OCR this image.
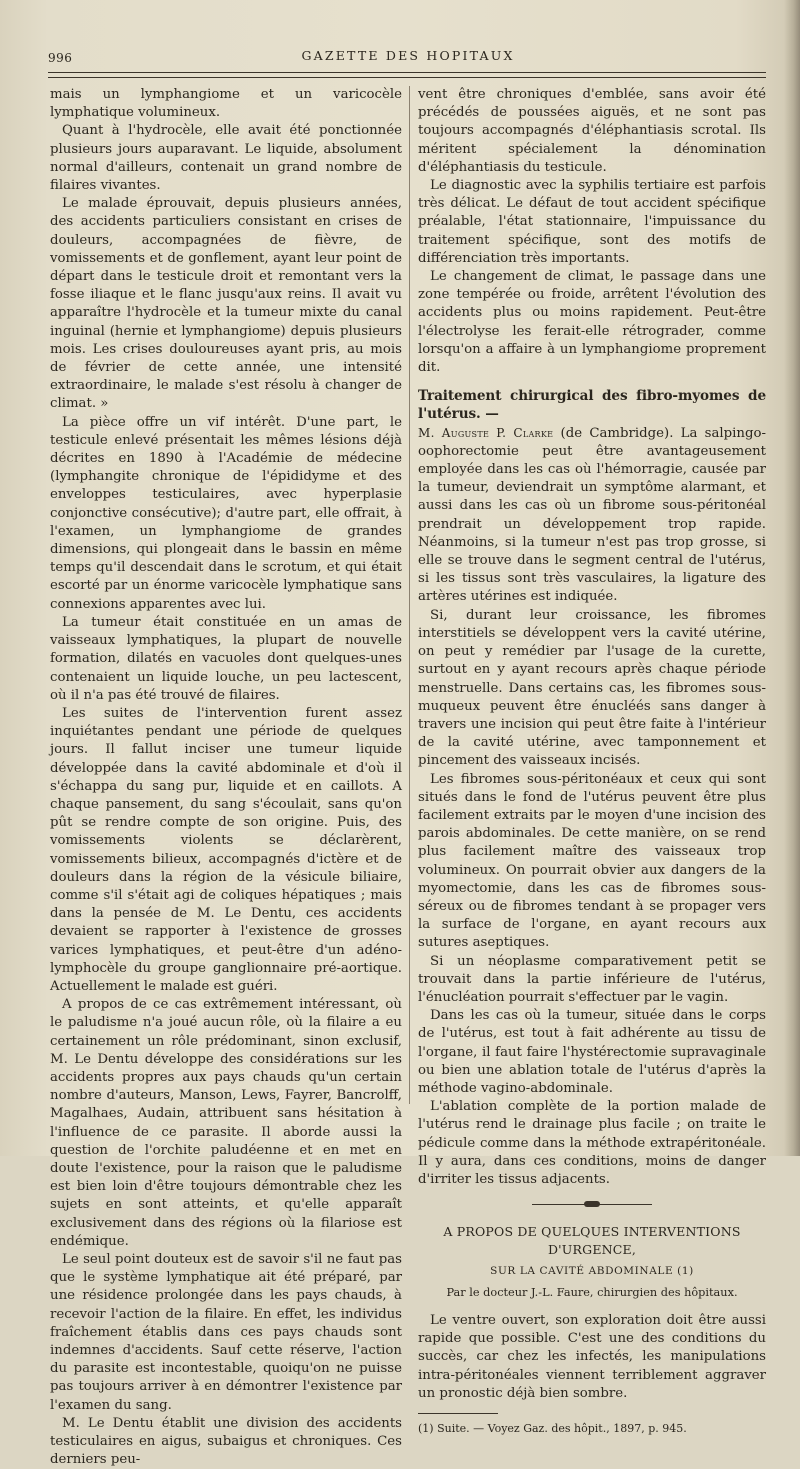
996	GAZETTE DES HOPITAUX

mais un lymphangiome et un varicocèle lymphatique volumineux.

Quant à l'hydrocèle, elle avait été ponctionnée plusieurs jours auparavant. Le liquide, absolument normal d'ailleurs, contenait un grand nombre de filaires vivantes.

Le malade éprouvait, depuis plusieurs années, des accidents particuliers consistant en crises de douleurs, accompagnées de fièvre, de vomissements et de gonflement, ayant leur point de départ dans le testicule droit et remontant vers la fosse iliaque et le flanc jusqu'aux reins. Il avait vu apparaître l'hydrocèle et la tumeur mixte du canal inguinal (hernie et lymphangiome) depuis plusieurs mois. Les crises douloureuses ayant pris, au mois de février de cette année, une intensité extraordinaire, le malade s'est résolu à changer de climat. »

La pièce offre un vif intérêt. D'une part, le testicule enlevé présentait les mêmes lésions déjà décrites en 1890 à l'Académie de médecine (lymphangite chronique de l'épididyme et des enveloppes testiculaires, avec hyperplasie conjonctive consécutive); d'autre part, elle offrait, à l'examen, un lymphangiome de grandes dimensions, qui plongeait dans le bassin en même temps qu'il descendait dans le scrotum, et qui était escorté par un énorme varicocèle lymphatique sans connexions apparentes avec lui.

La tumeur était constituée en un amas de vaisseaux lymphatiques, la plupart de nouvelle formation, dilatés en vacuoles dont quelques-unes contenaient un liquide louche, un peu lactescent, où il n'a pas été trouvé de filaires.

Les suites de l'intervention furent assez inquiétantes pendant une période de quelques jours. Il fallut inciser une tumeur liquide développée dans la cavité abdominale et d'où il s'échappa du sang pur, liquide et en caillots. A chaque pansement, du sang s'écoulait, sans qu'on pût se rendre compte de son origine. Puis, des vomissements violents se déclarèrent, vomissements bilieux, accompagnés d'ictère et de douleurs dans la région de la vésicule biliaire, comme s'il s'était agi de coliques hépatiques ; mais dans la pensée de M. Le Dentu, ces accidents devaient se rapporter à l'existence de grosses varices lymphatiques, et peut-être d'un adéno-lymphocèle du groupe ganglionnaire pré-aortique. Actuellement le malade est guéri.

A propos de ce cas extrêmement intéressant, où le paludisme n'a joué aucun rôle, où la filaire a eu certainement un rôle prédominant, sinon exclusif, M. Le Dentu développe des considérations sur les accidents propres aux pays chauds qu'un certain nombre d'auteurs, Manson, Lews, Fayrer, Bancrolff, Magalhaes, Audain, attribuent sans hésitation à l'influence de ce parasite. Il aborde aussi la question de l'orchite paludéenne et en met en doute l'existence, pour la raison que le paludisme est bien loin d'être toujours démontrable chez les sujets en sont atteints, et qu'elle apparaît exclusivement dans des régions où la filariose est endémique.

Le seul point douteux est de savoir s'il ne faut pas que le système lymphatique ait été préparé, par une résidence prolongée dans les pays chauds, à recevoir l'action de la filaire. En effet, les individus fraîchement établis dans ces pays chauds sont indemnes d'accidents. Sauf cette réserve, l'action du parasite est incontestable, quoiqu'on ne puisse pas toujours arriver à en démontrer l'existence par l'examen du sang.

M. Le Dentu établit une division des accidents testiculaires en aigus, subaigus et chroniques. Ces derniers peu-

vent être chroniques d'emblée, sans avoir été précédés de poussées aiguës, et ne sont pas toujours accompagnés d'éléphantiasis scrotal. Ils méritent spécialement la dénomination d'éléphantiasis du testicule.

Le diagnostic avec la syphilis tertiaire est parfois très délicat. Le défaut de tout accident spécifique préalable, l'état stationnaire, l'impuissance du traitement spécifique, sont des motifs de différenciation très importants.

Le changement de climat, le passage dans une zone tempérée ou froide, arrêtent l'évolution des accidents plus ou moins rapidement. Peut-être l'électrolyse les ferait-elle rétrograder, comme lorsqu'on a affaire à un lymphangiome proprement dit.

Traitement chirurgical des fibro-myomes de l'utérus. —

M. Auguste P. Clarke (de Cambridge). La salpingo-oophorectomie peut être avantageusement employée dans les cas où l'hémorragie, causée par la tumeur, deviendrait un symptôme alarmant, et aussi dans les cas où un fibrome sous-péritonéal prendrait un développement trop rapide. Néanmoins, si la tumeur n'est pas trop grosse, si elle se trouve dans le segment central de l'utérus, si les tissus sont très vasculaires, la ligature des artères utérines est indiquée.

Si, durant leur croissance, les fibromes interstitiels se développent vers la cavité utérine, on peut y remédier par l'usage de la curette, surtout en y ayant recours après chaque période menstruelle. Dans certains cas, les fibromes sous-muqueux peuvent être énucléés sans danger à travers une incision qui peut être faite à l'intérieur de la cavité utérine, avec tamponnement et pincement des vaisseaux incisés.

Les fibromes sous-péritonéaux et ceux qui sont situés dans le fond de l'utérus peuvent être plus facilement extraits par le moyen d'une incision des parois abdominales. De cette manière, on se rend plus facilement maître des vaisseaux trop volumineux. On pourrait obvier aux dangers de la myomectomie, dans les cas de fibromes sous-séreux ou de fibromes tendant à se propager vers la surface de l'organe, en ayant recours aux sutures aseptiques.

Si un néoplasme comparativement petit se trouvait dans la partie inférieure de l'utérus, l'énucléation pourrait s'effectuer par le vagin.

Dans les cas où la tumeur, située dans le corps de l'utérus, est tout à fait adhérente au tissu de l'organe, il faut faire l'hystérectomie supravaginale ou bien une ablation totale de l'utérus d'après la méthode vagino-abdominale.

L'ablation complète de la portion malade de l'utérus rend le drainage plus facile ; on traite le pédicule comme dans la méthode extrapéritonéale. Il y aura, dans ces conditions, moins de danger d'irriter les tissus adjacents.

A PROPOS DE QUELQUES INTERVENTIONS D'URGENCE,

SUR LA CAVITÉ ABDOMINALE (1)

Par le docteur J.-L. Faure, chirurgien des hôpitaux.

Le ventre ouvert, son exploration doit être aussi rapide que possible. C'est une des conditions du succès, car chez les infectés, les manipulations intra-péritonéales viennent terriblement aggraver un pronostic déjà bien sombre.

(1) Suite. — Voyez Gaz. des hôpit., 1897, p. 945.
